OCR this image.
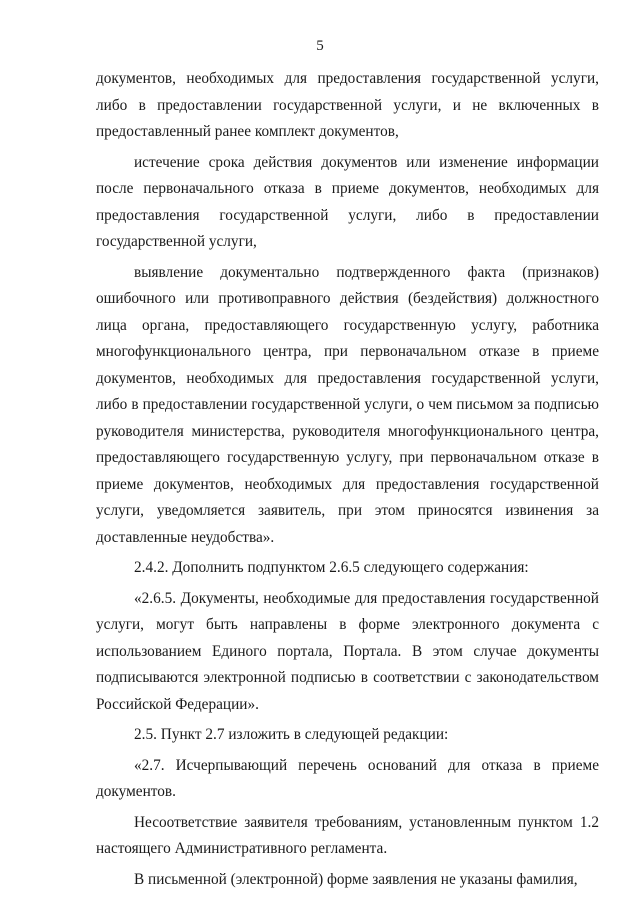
5

документов, необходимых для предоставления государственной услуги, либо в предоставлении государственной услуги, и не включенных в предоставленный ранее комплект документов,

истечение срока действия документов или изменение информации после первоначального отказа в приеме документов, необходимых для предоставления государственной услуги, либо в предоставлении государственной услуги,

выявление документально подтвержденного факта (признаков) ошибочного или противоправного действия (бездействия) должностного лица органа, предоставляющего государственную услугу, работника многофункционального центра, при первоначальном отказе в приеме документов, необходимых для предоставления государственной услуги, либо в предоставлении государственной услуги, о чем письмом за подписью руководителя министерства, руководителя многофункционального центра, предоставляющего государственную услугу, при первоначальном отказе в приеме документов, необходимых для предоставления государственной услуги, уведомляется заявитель, при этом приносятся извинения за доставленные неудобства».

2.4.2. Дополнить подпунктом 2.6.5 следующего содержания:

«2.6.5. Документы, необходимые для предоставления государственной услуги, могут быть направлены в форме электронного документа с использованием Единого портала, Портала. В этом случае документы подписываются электронной подписью в соответствии с законодательством Российской Федерации».

2.5. Пункт 2.7 изложить в следующей редакции:

«2.7. Исчерпывающий перечень оснований для отказа в приеме документов.

Несоответствие заявителя требованиям, установленным пунктом 1.2 настоящего Административного регламента.

В письменной (электронной) форме заявления не указаны фамилия,
